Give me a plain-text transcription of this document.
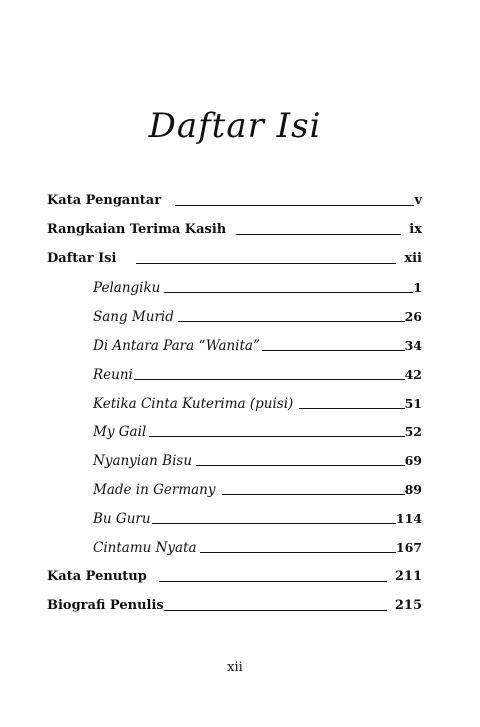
Daftar Isi
Kata Pengantar	v
Rangkaian Terima Kasih	ix
Daftar Isi	xii
Pelangiku	1
Sang Murid	26
Di Antara Para “Wanita”	34
Reuni	42
Ketika Cinta Kuterima (puisi)	51
My Gail	52
Nyanyian Bisu	69
Made in Germany	89
Bu Guru	114
Cintamu Nyata	167
Kata Penutup	211
Biografi Penulis	215
xii
